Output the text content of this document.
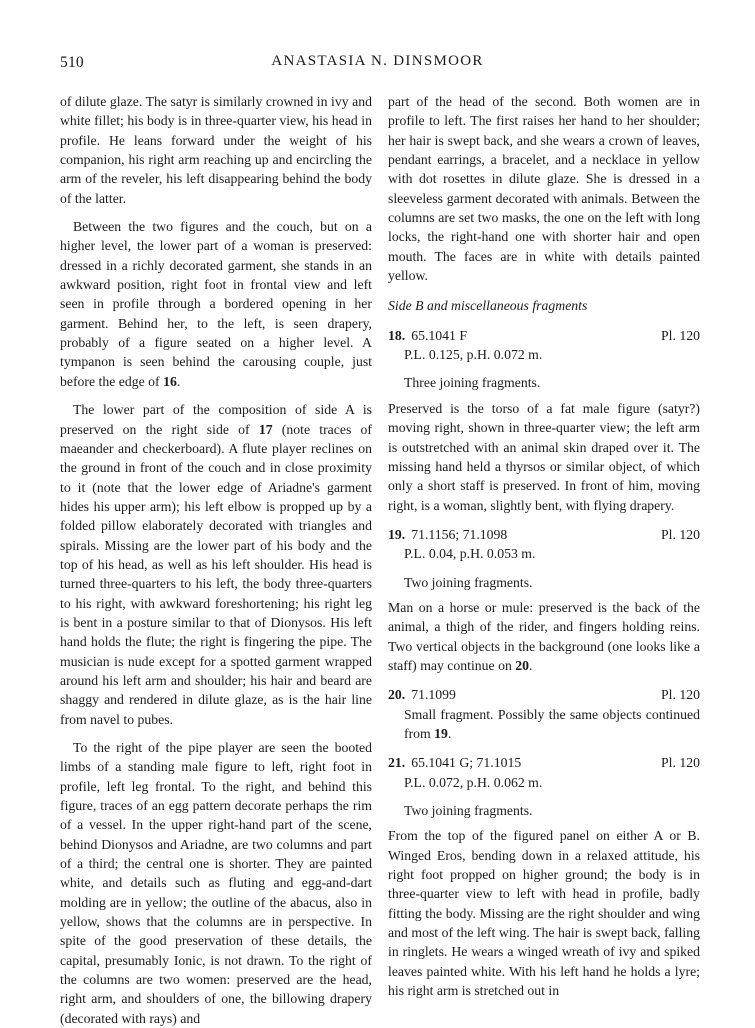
510	ANASTASIA N. DINSMOOR

of dilute glaze. The satyr is similarly crowned in ivy and white fillet; his body is in three-quarter view, his head in profile. He leans forward under the weight of his companion, his right arm reaching up and encircling the arm of the reveler, his left disappearing behind the body of the latter.

Between the two figures and the couch, but on a higher level, the lower part of a woman is preserved: dressed in a richly decorated garment, she stands in an awkward position, right foot in frontal view and left seen in profile through a bordered opening in her garment. Behind her, to the left, is seen drapery, probably of a figure seated on a higher level. A tympanon is seen behind the carousing couple, just before the edge of 16.

The lower part of the composition of side A is preserved on the right side of 17 (note traces of maeander and checkerboard). A flute player reclines on the ground in front of the couch and in close proximity to it (note that the lower edge of Ariadne's garment hides his upper arm); his left elbow is propped up by a folded pillow elaborately decorated with triangles and spirals. Missing are the lower part of his body and the top of his head, as well as his left shoulder. His head is turned three-quarters to his left, the body three-quarters to his right, with awkward foreshortening; his right leg is bent in a posture similar to that of Dionysos. His left hand holds the flute; the right is fingering the pipe. The musician is nude except for a spotted garment wrapped around his left arm and shoulder; his hair and beard are shaggy and rendered in dilute glaze, as is the hair line from navel to pubes.

To the right of the pipe player are seen the booted limbs of a standing male figure to left, right foot in profile, left leg frontal. To the right, and behind this figure, traces of an egg pattern decorate perhaps the rim of a vessel. In the upper right-hand part of the scene, behind Dionysos and Ariadne, are two columns and part of a third; the central one is shorter. They are painted white, and details such as fluting and egg-and-dart molding are in yellow; the outline of the abacus, also in yellow, shows that the columns are in perspective. In spite of the good preservation of these details, the capital, presumably Ionic, is not drawn. To the right of the columns are two women: preserved are the head, right arm, and shoulders of one, the billowing drapery (decorated with rays) and

part of the head of the second. Both women are in profile to left. The first raises her hand to her shoulder; her hair is swept back, and she wears a crown of leaves, pendant earrings, a bracelet, and a necklace in yellow with dot rosettes in dilute glaze. She is dressed in a sleeveless garment decorated with animals. Between the columns are set two masks, the one on the left with long locks, the right-hand one with shorter hair and open mouth. The faces are in white with details painted yellow.

Side B and miscellaneous fragments

18. 65.1041 F	Pl. 120

P.L. 0.125, p.H. 0.072 m.

Three joining fragments.

Preserved is the torso of a fat male figure (satyr?) moving right, shown in three-quarter view; the left arm is outstretched with an animal skin draped over it. The missing hand held a thyrsos or similar object, of which only a short staff is preserved. In front of him, moving right, is a woman, slightly bent, with flying drapery.

19. 71.1156; 71.1098	Pl. 120

P.L. 0.04, p.H. 0.053 m.

Two joining fragments.

Man on a horse or mule: preserved is the back of the animal, a thigh of the rider, and fingers holding reins. Two vertical objects in the background (one looks like a staff) may continue on 20.

20. 71.1099	Pl. 120

Small fragment. Possibly the same objects continued from 19.

21. 65.1041 G; 71.1015	Pl. 120

P.L. 0.072, p.H. 0.062 m.

Two joining fragments.

From the top of the figured panel on either A or B. Winged Eros, bending down in a relaxed attitude, his right foot propped on higher ground; the body is in three-quarter view to left with head in profile, badly fitting the body. Missing are the right shoulder and wing and most of the left wing. The hair is swept back, falling in ringlets. He wears a winged wreath of ivy and spiked leaves painted white. With his left hand he holds a lyre; his right arm is stretched out in
